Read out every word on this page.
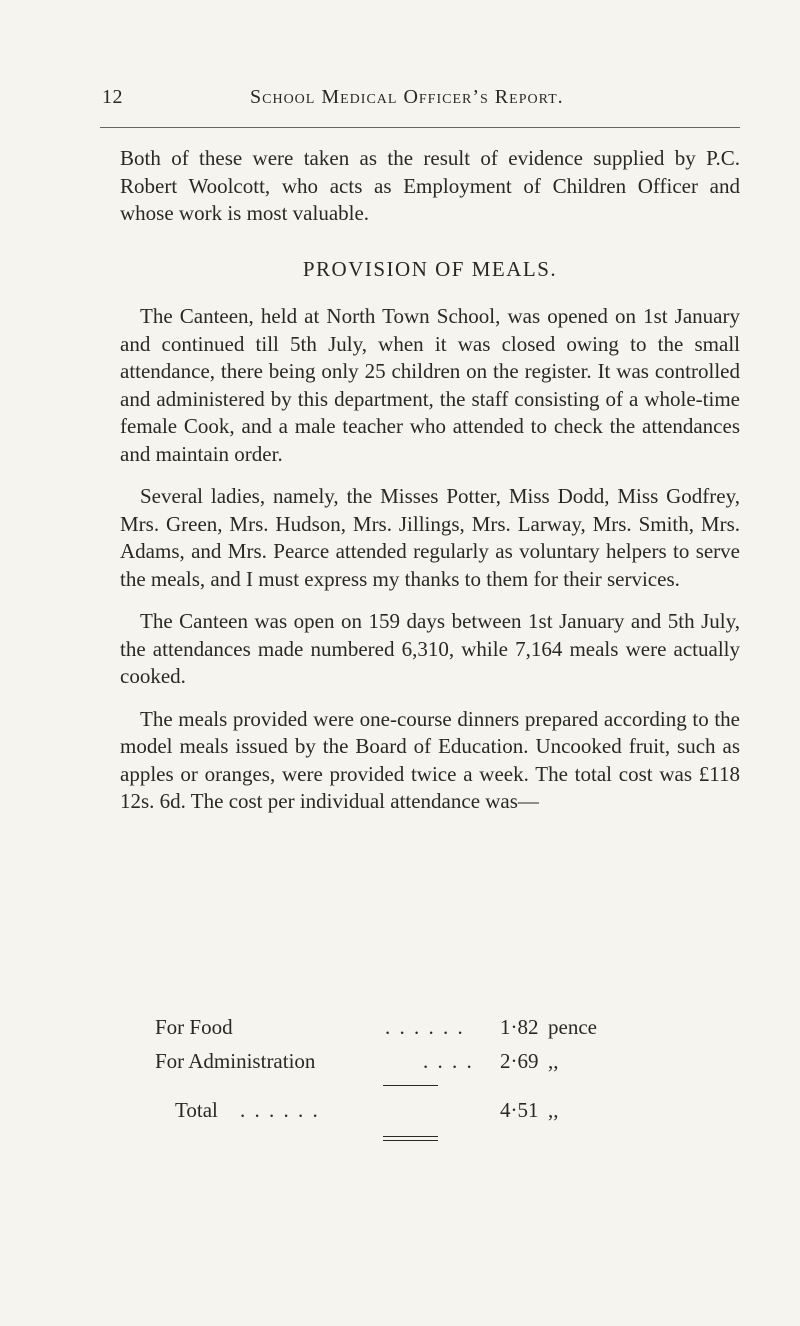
12	School Medical Officer’s Report.

Both of these were taken as the result of evidence supplied by P.C. Robert Woolcott, who acts as Employment of Children Officer and whose work is most valuable.

PROVISION OF MEALS.

The Canteen, held at North Town School, was opened on 1st January and continued till 5th July, when it was closed owing to the small attendance, there being only 25 children on the register. It was controlled and administered by this department, the staff consisting of a whole-time female Cook, and a male teacher who attended to check the attendances and maintain order.

Several ladies, namely, the Misses Potter, Miss Dodd, Miss Godfrey, Mrs. Green, Mrs. Hudson, Mrs. Jillings, Mrs. Larway, Mrs. Smith, Mrs. Adams, and Mrs. Pearce attended regularly as voluntary helpers to serve the meals, and I must express my thanks to them for their services.

The Canteen was open on 159 days between 1st January and 5th July, the attendances made numbered 6,310, while 7,164 meals were actually cooked.

The meals provided were one-course dinners prepared according to the model meals issued by the Board of Education. Uncooked fruit, such as apples or oranges, were provided twice a week. The total cost was £118 12s. 6d. The cost per individual attendance was—

For Food	. . . . . . 1·82 pence
For Administration	. . . . 2·69 ,,
Total . . . . . .	4·51 ,,
